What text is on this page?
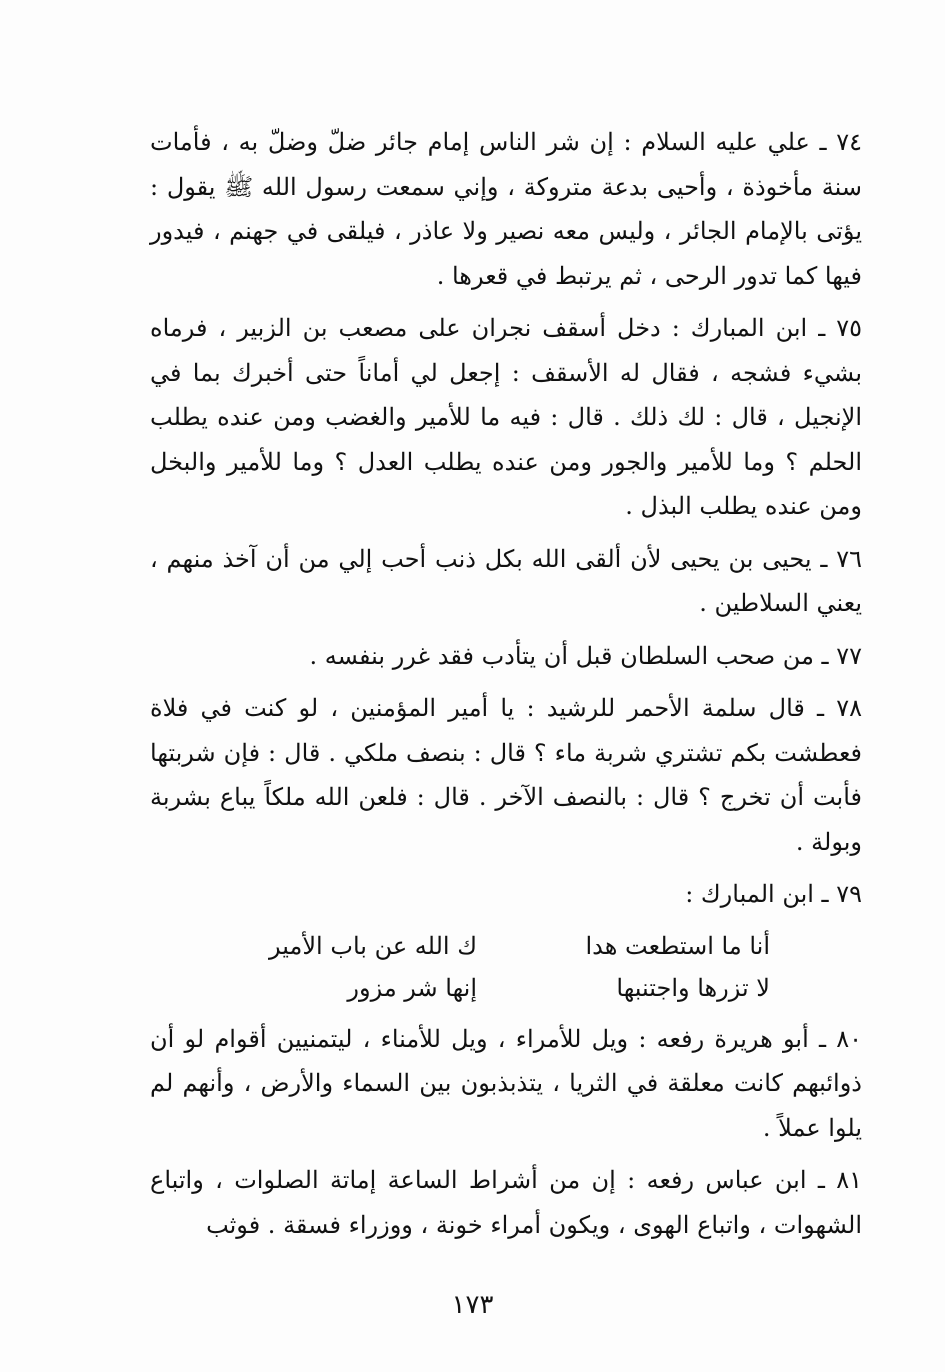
٧٤ ـ علي عليه السلام : إن شر الناس إمام جائر ضلّ وضلّ به ، فأمات سنة مأخوذة ، وأحيى بدعة متروكة ، وإني سمعت رسول الله ﷺ يقول : يؤتى بالإمام الجائر ، وليس معه نصير ولا عاذر ، فيلقى في جهنم ، فيدور فيها كما تدور الرحى ، ثم يرتبط في قعرها .

٧٥ ـ ابن المبارك : دخل أسقف نجران على مصعب بن الزبير ، فرماه بشيء فشجه ، فقال له الأسقف : إجعل لي أماناً حتى أخبرك بما في الإنجيل ، قال : لك ذلك . قال : فيه ما للأمير والغضب ومن عنده يطلب الحلم ؟ وما للأمير والجور ومن عنده يطلب العدل ؟ وما للأمير والبخل ومن عنده يطلب البذل .

٧٦ ـ يحيى بن يحيى لأن ألقى الله بكل ذنب أحب إلي من أن آخذ منهم ، يعني السلاطين .

٧٧ ـ من صحب السلطان قبل أن يتأدب فقد غرر بنفسه .

٧٨ ـ قال سلمة الأحمر للرشيد : يا أمير المؤمنين ، لو كنت في فلاة فعطشت بكم تشتري شربة ماء ؟ قال : بنصف ملكي . قال : فإن شربتها فأبت أن تخرج ؟ قال : بالنصف الآخر . قال : فلعن الله ملكاً يباع بشربة وبولة .

٧٩ ـ ابن المبارك :

أنا ما استطعت هدا
ك الله عن باب الأمير
لا تزرها واجتنبها
إنها شر مزور

٨٠ ـ أبو هريرة رفعه : ويل للأمراء ، ويل للأمناء ، ليتمنيين أقوام لو أن ذوائبهم كانت معلقة في الثريا ، يتذبذبون بين السماء والأرض ، وأنهم لم يلوا عملاً .

٨١ ـ ابن عباس رفعه : إن من أشراط الساعة إماتة الصلوات ، واتباع الشهوات ، واتباع الهوى ، ويكون أمراء خونة ، ووزراء فسقة . فوثب

١٧٣
